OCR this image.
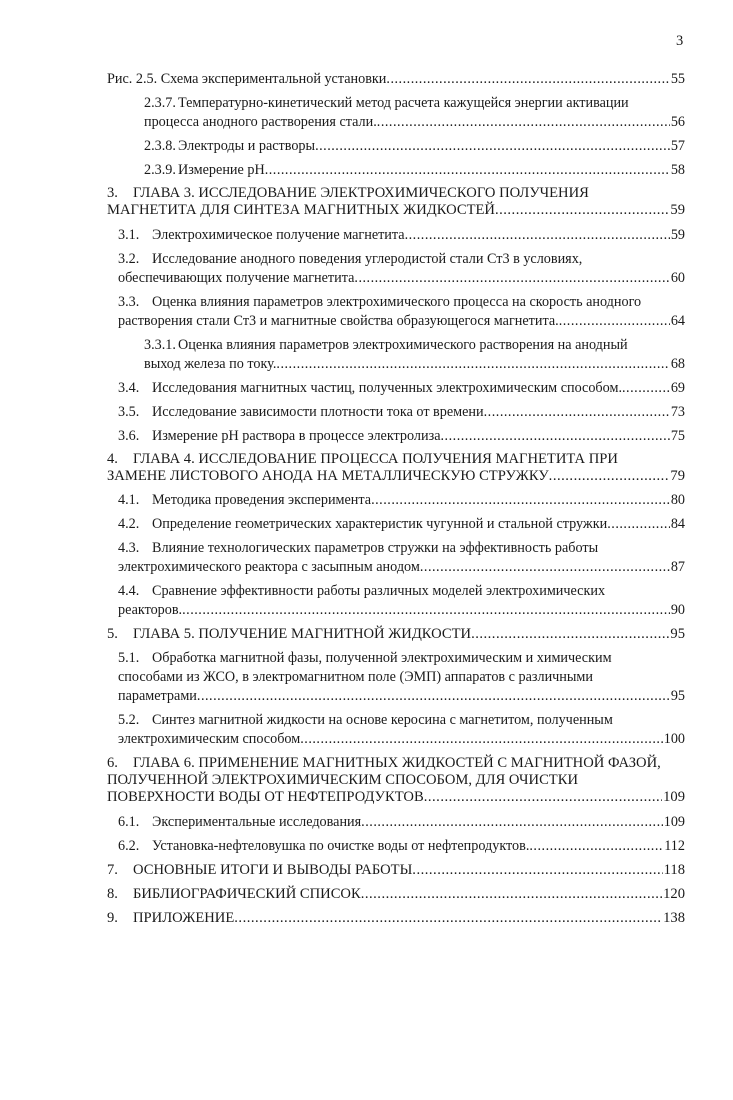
3
Рис. 2.5. Схема экспериментальной установки .....	55
2.3.7. Температурно-кинетический метод расчета кажущейся энергии активации
процесса анодного растворения стали. .....	56
2.3.8. Электроды и растворы .....	57
2.3.9. Измерение pH .....	58
3. ГЛАВА 3. ИССЛЕДОВАНИЕ ЭЛЕКТРОХИМИЧЕСКОГО ПОЛУЧЕНИЯ
МАГНЕТИТА ДЛЯ СИНТЕЗА МАГНИТНЫХ ЖИДКОСТЕЙ .....	59
3.1. Электрохимическое получение магнетита .....	59
3.2. Исследование анодного поведения углеродистой стали Ст3 в условиях,
обеспечивающих получение магнетита .....	60
3.3. Оценка влияния параметров электрохимического процесса на скорость анодного
растворения стали Ст3 и магнитные свойства образующегося магнетита. .....	64
3.3.1. Оценка влияния параметров электрохимического растворения на анодный
выход железа по току. .....	68
3.4. Исследования магнитных частиц, полученных электрохимическим способом. .....	69
3.5. Исследование зависимости плотности тока от времени .....	73
3.6. Измерение pH раствора в процессе электролиза .....	75
4. ГЛАВА 4. ИССЛЕДОВАНИЕ ПРОЦЕССА ПОЛУЧЕНИЯ МАГНЕТИТА ПРИ
ЗАМЕНЕ ЛИСТОВОГО АНОДА НА МЕТАЛЛИЧЕСКУЮ СТРУЖКУ .....	79
4.1. Методика проведения эксперимента .....	80
4.2. Определение геометрических характеристик чугунной и стальной стружки .....	84
4.3. Влияние технологических параметров стружки на эффективность работы
электрохимического реактора с засыпным анодом .....	87
4.4. Сравнение эффективности работы различных моделей электрохимических
реакторов. .....	90
5. ГЛАВА 5. ПОЛУЧЕНИЕ МАГНИТНОЙ ЖИДКОСТИ .....	95
5.1. Обработка магнитной фазы, полученной электрохимическим и химическим
способами из ЖСО, в электромагнитном поле (ЭМП) аппаратов с различными
параметрами .....	95
5.2. Синтез магнитной жидкости на основе керосина с магнетитом, полученным
электрохимическим способом .....	100
6. ГЛАВА 6. ПРИМЕНЕНИЕ МАГНИТНЫХ ЖИДКОСТЕЙ С МАГНИТНОЙ ФАЗОЙ,
ПОЛУЧЕННОЙ ЭЛЕКТРОХИМИЧЕСКИМ СПОСОБОМ, ДЛЯ ОЧИСТКИ
ПОВЕРХНОСТИ ВОДЫ ОТ НЕФТЕПРОДУКТОВ .....	109
6.1. Экспериментальные исследования .....	109
6.2. Установка-нефтеловушка по очистке воды от нефтепродуктов. .....	112
7. ОСНОВНЫЕ ИТОГИ И ВЫВОДЫ РАБОТЫ .....	118
8. БИБЛИОГРАФИЧЕСКИЙ СПИСОК .....	120
9. ПРИЛОЖЕНИЕ .....	138
